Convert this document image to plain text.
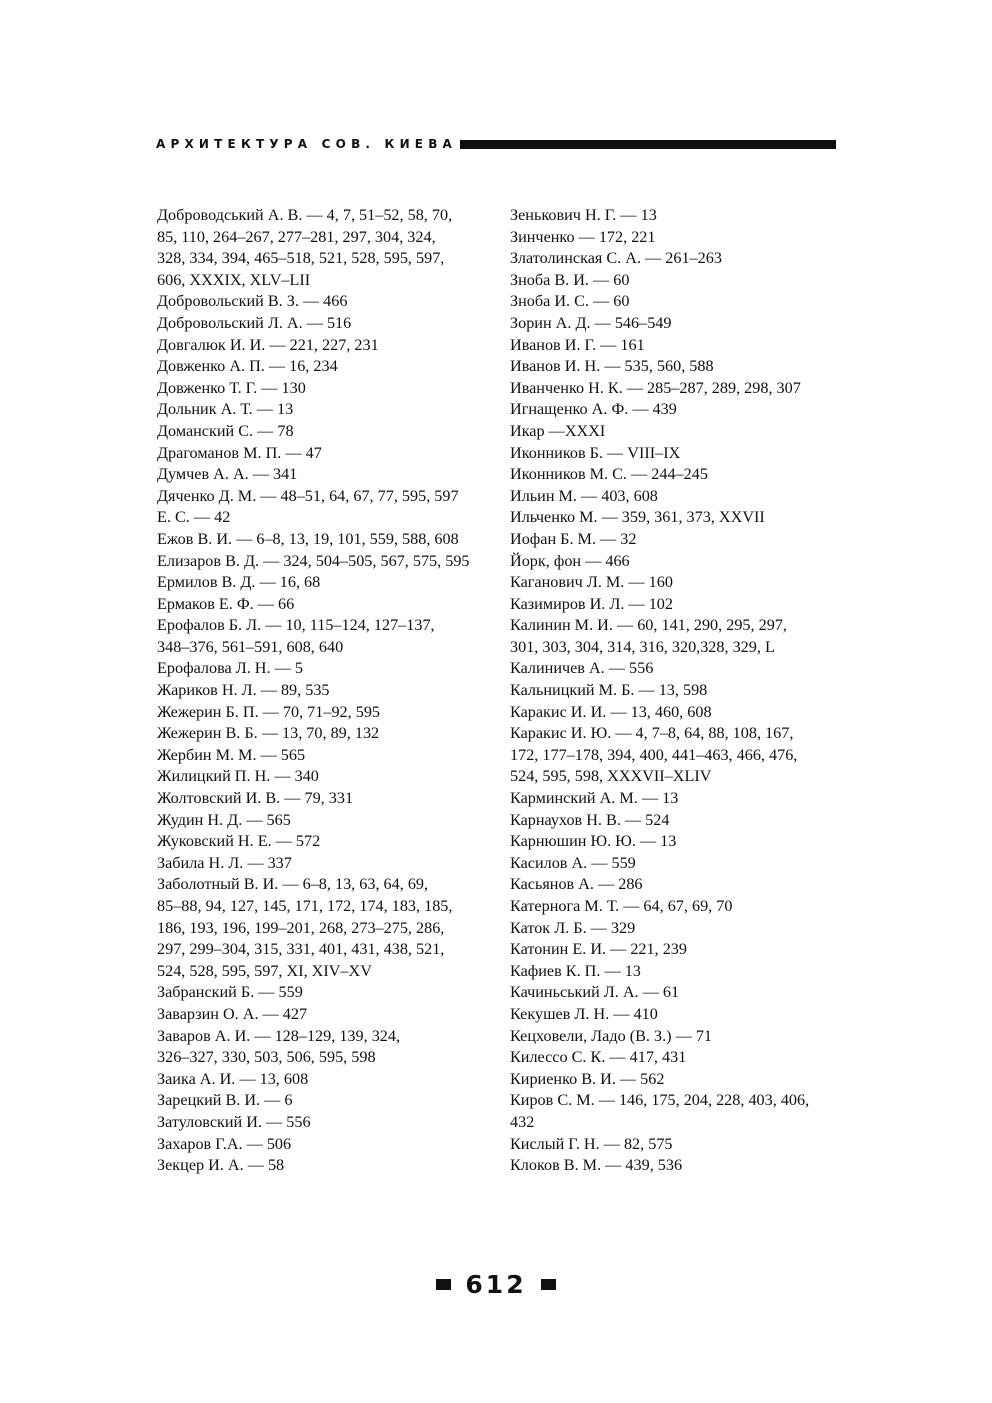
АРХИТЕКТУРА СОВ. КИЕВА
Доброводський А. В. — 4, 7, 51–52, 58, 70,
85, 110, 264–267, 277–281, 297, 304, 324,
328, 334, 394, 465–518, 521, 528, 595, 597,
606, XXXIX, XLV–LII
Добровольский В. З. — 466
Добровольский Л. А. — 516
Довгалюк И. И. — 221, 227, 231
Довженко А. П. — 16, 234
Довженко Т. Г. — 130
Дольник А. Т. — 13
Доманский С. — 78
Драгоманов М. П. — 47
Думчев А. А. — 341
Дяченко Д. М. — 48–51, 64, 67, 77, 595, 597
Е. С. — 42
Ежов В. И. — 6–8, 13, 19, 101, 559, 588, 608
Елизаров В. Д. — 324, 504–505, 567, 575, 595
Ермилов В. Д. — 16, 68
Ермаков Е. Ф. — 66
Ерофалов Б. Л. — 10, 115–124, 127–137,
348–376, 561–591, 608, 640
Ерофалова Л. Н. — 5
Жариков Н. Л. — 89, 535
Жежерин Б. П. — 70, 71–92, 595
Жежерин В. Б. — 13, 70, 89, 132
Жербин М. М. — 565
Жилицкий П. Н. — 340
Жолтовский И. В. — 79, 331
Жудин Н. Д. — 565
Жуковский Н. Е. — 572
Забила Н. Л. — 337
Заболотный В. И. — 6–8, 13, 63, 64, 69,
85–88, 94, 127, 145, 171, 172, 174, 183, 185,
186, 193, 196, 199–201, 268, 273–275, 286,
297, 299–304, 315, 331, 401, 431, 438, 521,
524, 528, 595, 597, XI, XIV–XV
Забранский Б. — 559
Заварзин О. А. — 427
Заваров А. И. — 128–129, 139, 324,
326–327, 330, 503, 506, 595, 598
Заика А. И. — 13, 608
Зарецкий В. И. — 6
Затуловский И. — 556
Захаров Г.А. — 506
Зекцер И. А. — 58
Зенькович Н. Г. — 13
Зинченко — 172, 221
Златолинская С. А. — 261–263
Зноба В. И. — 60
Зноба И. С. — 60
Зорин А. Д. — 546–549
Иванов И. Г. — 161
Иванов И. Н. — 535, 560, 588
Иванченко Н. К. — 285–287, 289, 298, 307
Игнащенко А. Ф. — 439
Икар —XXXI
Иконников Б. — VIII–IX
Иконников М. С. — 244–245
Ильин М. — 403, 608
Ильченко М. — 359, 361, 373, XXVII
Иофан Б. М. — 32
Йорк, фон — 466
Каганович Л. М. — 160
Казимиров И. Л. — 102
Калинин М. И. — 60, 141, 290, 295, 297,
301, 303, 304, 314, 316, 320,328, 329, L
Калиничев А. — 556
Кальницкий М. Б. — 13, 598
Каракис И. И. — 13, 460, 608
Каракис И. Ю. — 4, 7–8, 64, 88, 108, 167,
172, 177–178, 394, 400, 441–463, 466, 476,
524, 595, 598, XXXVII–XLIV
Карминский А. М. — 13
Карнаухов Н. В. — 524
Карнюшин Ю. Ю. — 13
Касилов А. — 559
Касьянов А. — 286
Катернога М. Т. — 64, 67, 69, 70
Каток Л. Б. — 329
Катонин Е. И. — 221, 239
Кафиев К. П. — 13
Качиньський Л. А. — 61
Кекушев Л. Н. — 410
Кецховели, Ладо (В. З.) — 71
Килессо С. К. — 417, 431
Кириенко В. И. — 562
Киров С. М. — 146, 175, 204, 228, 403, 406,
432
Кислый Г. Н. — 82, 575
Клоков В. М. — 439, 536
612
